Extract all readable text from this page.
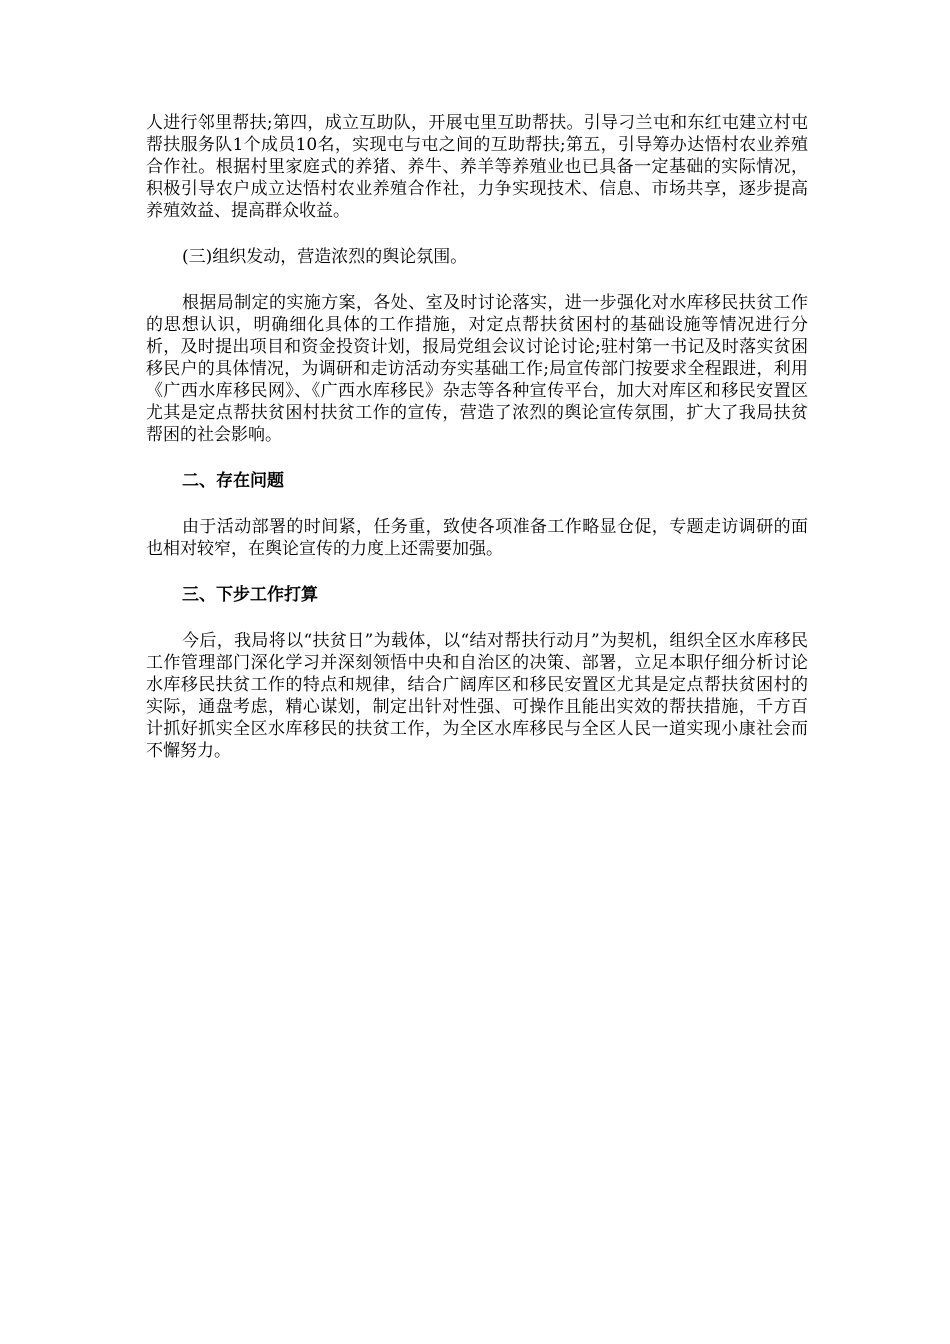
人进行邻里帮扶;第四，成立互助队，开展屯里互助帮扶。引导刁兰屯和东红屯建立村屯帮扶服务队1个成员10名，实现屯与屯之间的互助帮扶;第五，引导筹办达悟村农业养殖合作社。根据村里家庭式的养猪、养牛、养羊等养殖业也已具备一定基础的实际情况，积极引导农户成立达悟村农业养殖合作社，力争实现技术、信息、市场共享，逐步提高养殖效益、提高群众收益。

(三)组织发动，营造浓烈的舆论氛围。

根据局制定的实施方案，各处、室及时讨论落实，进一步强化对水库移民扶贫工作的思想认识，明确细化具体的工作措施，对定点帮扶贫困村的基础设施等情况进行分析，及时提出项目和资金投资计划，报局党组会议讨论讨论;驻村第一书记及时落实贫困移民户的具体情况，为调研和走访活动夯实基础工作;局宣传部门按要求全程跟进，利用《广西水库移民网》、《广西水库移民》杂志等各种宣传平台，加大对库区和移民安置区尤其是定点帮扶贫困村扶贫工作的宣传，营造了浓烈的舆论宣传氛围，扩大了我局扶贫帮困的社会影响。

二、存在问题

由于活动部署的时间紧，任务重，致使各项准备工作略显仓促，专题走访调研的面也相对较窄，在舆论宣传的力度上还需要加强。

三、下步工作打算

今后，我局将以“扶贫日”为载体，以“结对帮扶行动月”为契机，组织全区水库移民工作管理部门深化学习并深刻领悟中央和自治区的决策、部署，立足本职仔细分析讨论水库移民扶贫工作的特点和规律，结合广阔库区和移民安置区尤其是定点帮扶贫困村的实际，通盘考虑，精心谋划，制定出针对性强、可操作且能出实效的帮扶措施，千方百计抓好抓实全区水库移民的扶贫工作，为全区水库移民与全区人民一道实现小康社会而不懈努力。
